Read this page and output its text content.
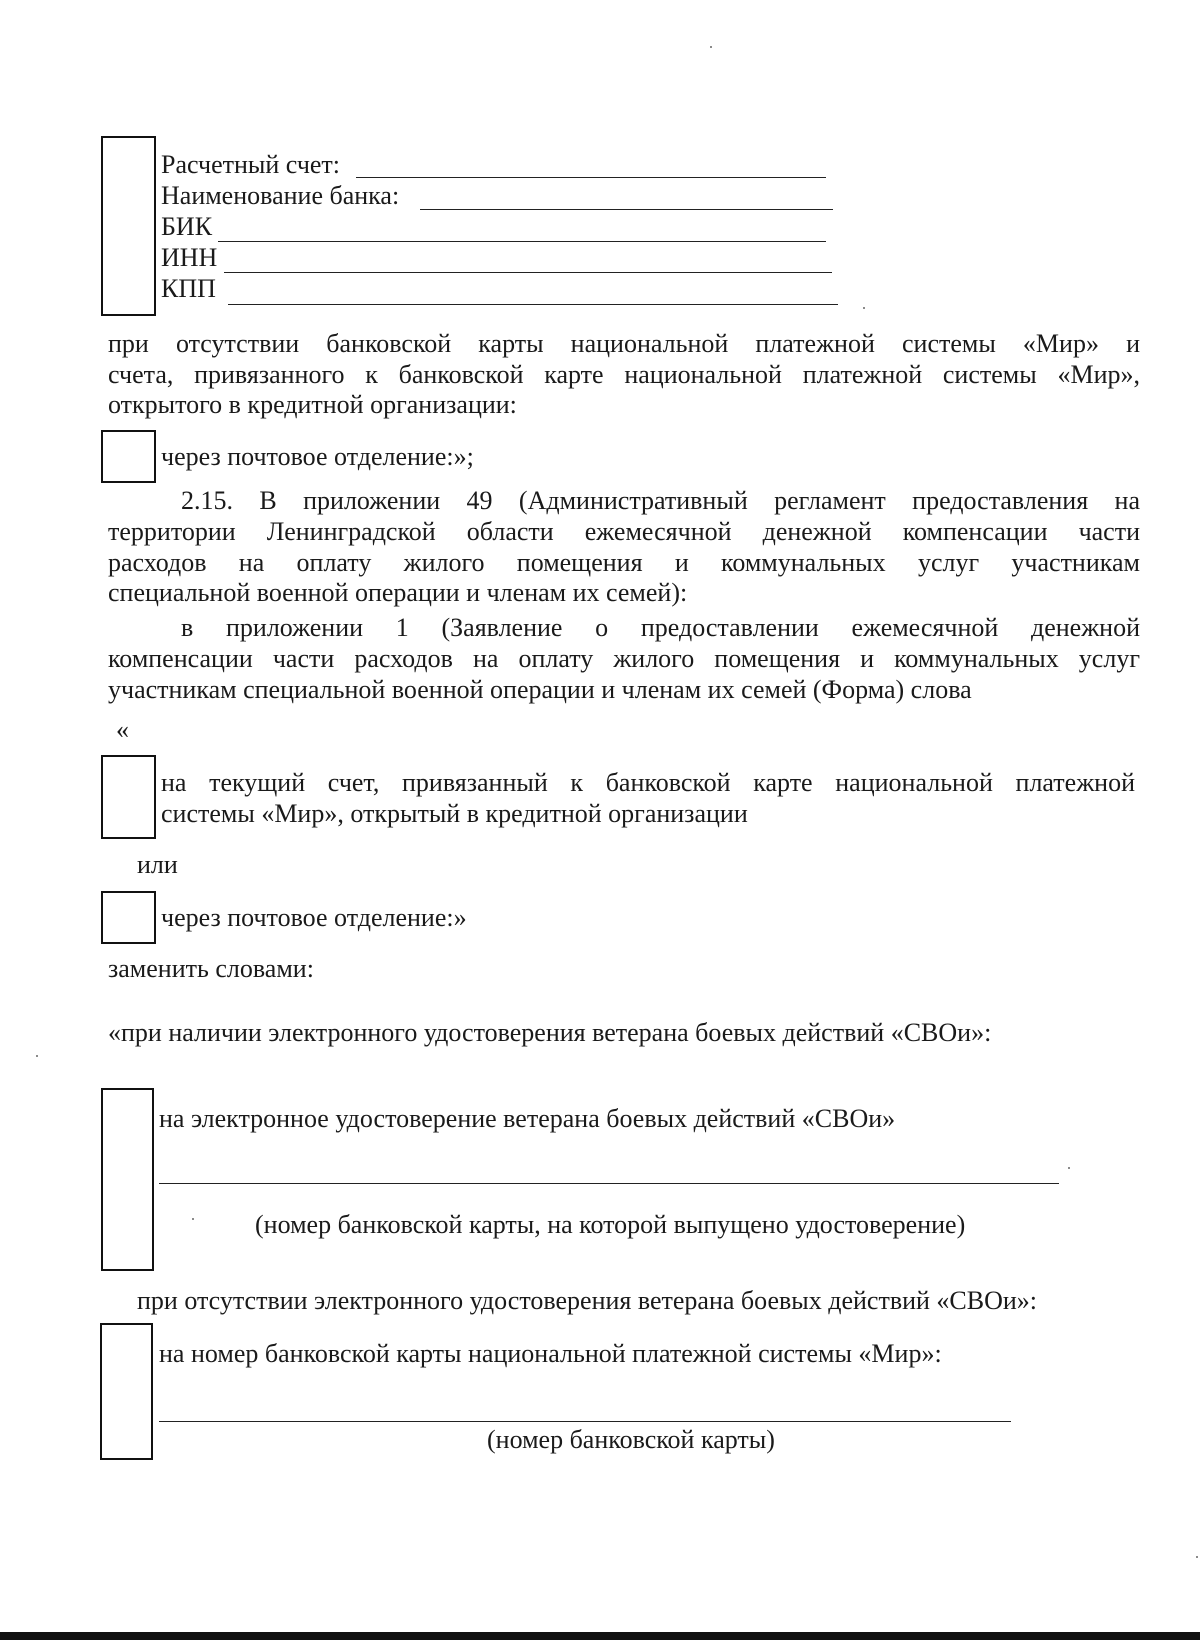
Расчетный счет:
Наименование банка:
БИК
ИНН
КПП
при отсутствии банковской карты национальной платежной системы «Мир» и
счета, привязанного к банковской карте национальной платежной системы «Мир»,
открытого в кредитной организации:
через почтовое отделение:»;
2.15. В приложении 49 (Административный регламент предоставления на
территории Ленинградской области ежемесячной денежной компенсации части
расходов на оплату жилого помещения и коммунальных услуг участникам
специальной военной операции и членам их семей):
в приложении 1 (Заявление о предоставлении ежемесячной денежной
компенсации части расходов на оплату жилого помещения и коммунальных услуг
участникам специальной военной операции и членам их семей (Форма) слова
«
на текущий счет, привязанный к банковской карте национальной платежной
системы «Мир», открытый в кредитной организации
или
через почтовое отделение:»
заменить словами:
«при наличии электронного удостоверения ветерана боевых действий «СВОи»:
на электронное удостоверение ветерана боевых действий «СВОи»
(номер банковской карты, на которой выпущено удостоверение)
при отсутствии электронного удостоверения ветерана боевых действий «СВОи»:
на номер банковской карты национальной платежной системы «Мир»:
(номер банковской карты)
